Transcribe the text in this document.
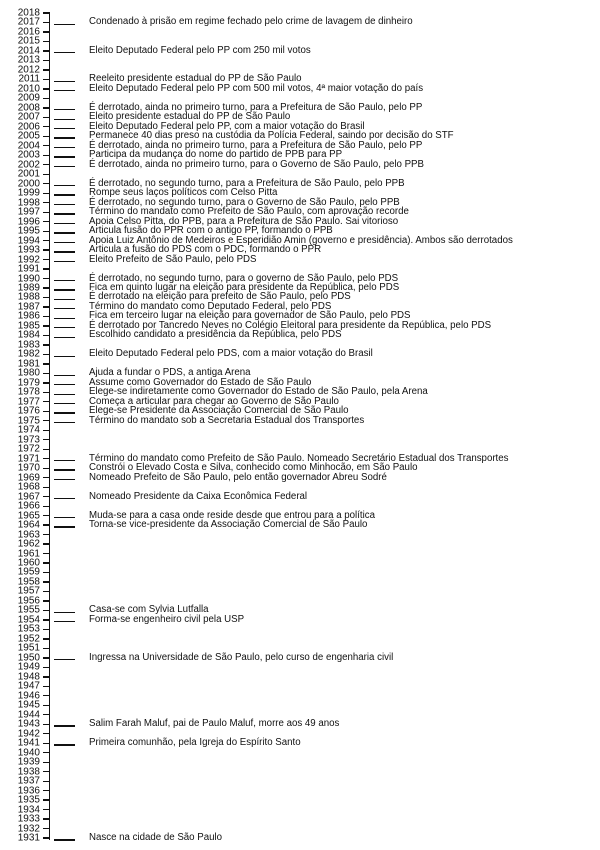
2018
2017
2016
2015
2014
2013
2012
2011
2010
2009
2008
2007
2006
2005
2004
2003
2002
2001
2000
1999
1998
1997
1996
1995
1994
1993
1992
1991
1990
1989
1988
1987
1986
1985
1984
1983
1982
1981
1980
1979
1978
1977
1976
1975
1974
1973
1972
1971
1970
1969
1968
1967
1966
1965
1964
1963
1962
1961
1960
1959
1958
1957
1956
1955
1954
1953
1952
1951
1950
1949
1948
1947
1946
1945
1944
1943
1942
1941
1940
1939
1938
1937
1936
1935
1934
1933
1932
1931
Condenado à prisão em regime fechado pelo crime de lavagem de dinheiro
Eleito Deputado Federal pelo PP com 250 mil votos
Reeleito presidente estadual do PP de São Paulo
Eleito Deputado Federal pelo PP com 500 mil votos, 4ª maior votação do país
É derrotado, ainda no primeiro turno, para a Prefeitura de São Paulo, pelo PP
Eleito presidente estadual do PP de São Paulo
Eleito Deputado Federal pelo PP, com a maior votação do Brasil
Permanece 40 dias preso na custódia da Polícia Federal, saindo por decisão do STF
É derrotado, ainda no primeiro turno, para a Prefeitura de São Paulo, pelo PP
Participa da mudança do nome do partido de PPB para PP
É derrotado, ainda no primeiro turno, para o Governo de São Paulo, pelo PPB
É derrotado, no segundo turno, para a Prefeitura de São Paulo, pelo PPB
Rompe seus laços políticos com Celso Pitta
É derrotado, no segundo turno, para o Governo de São Paulo, pelo PPB
Término do mandato como Prefeito de São Paulo, com aprovação recorde
Apoia Celso Pitta, do PPB, para a Prefeitura de São Paulo. Sai vitorioso
Articula fusão do PPR com o antigo PP, formando o PPB
Apoia Luiz Antônio de Medeiros e Esperidião Amin (governo e presidência). Ambos são derrotados
Articula a fusão do PDS com o PDC, formando o PPR
Eleito Prefeito de São Paulo, pelo PDS
É derrotado, no segundo turno, para o governo de São Paulo, pelo PDS
Fica em quinto lugar na eleição para presidente da República, pelo PDS
É derrotado na eleição para prefeito de São Paulo, pelo PDS
Término do mandato como Deputado Federal, pelo PDS
Fica em terceiro lugar na eleição para governador de São Paulo, pelo PDS
É derrotado por Tancredo Neves no Colégio Eleitoral para presidente da República, pelo PDS
Escolhido candidato a presidência da República, pelo PDS
Eleito Deputado Federal pelo PDS, com a maior votação do Brasil
Ajuda a fundar o PDS, a antiga Arena
Assume como Governador do Estado de São Paulo
Elege-se indiretamente como Governador do Estado de São Paulo, pela Arena
Começa a articular para chegar ao Governo de São Paulo
Elege-se Presidente da Associação Comercial de São Paulo
Término do mandato sob a Secretaria Estadual dos Transportes
Término do mandato como Prefeito de São Paulo. Nomeado Secretário Estadual dos Transportes
Constrói o Elevado Costa e Silva, conhecido como Minhocão, em São Paulo
Nomeado Prefeito de São Paulo, pelo então governador Abreu Sodré
Nomeado Presidente da Caixa Econômica Federal
Muda-se para a casa onde reside desde que entrou para a política
Torna-se vice-presidente da Associação Comercial de São Paulo
Casa-se com Sylvia Lutfalla
Forma-se engenheiro civil pela USP
Ingressa na Universidade de São Paulo, pelo curso de engenharia civil
Salim Farah Maluf, pai de Paulo Maluf, morre aos 49 anos
Primeira comunhão, pela Igreja do Espírito Santo
Nasce na cidade de São Paulo
